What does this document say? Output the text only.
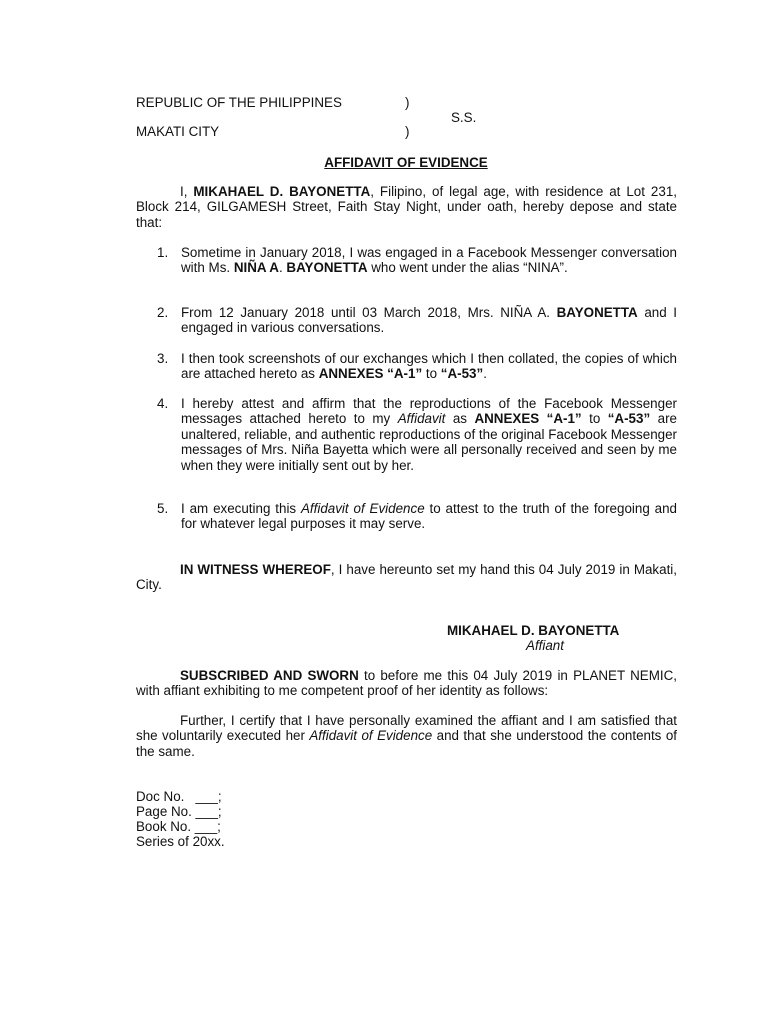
REPUBLIC OF THE PHILIPPINES	)
S.S.
MAKATI CITY	)
AFFIDAVIT OF EVIDENCE
I, MIKAHAEL D. BAYONETTA, Filipino, of legal age, with residence at Lot 231, Block 214, GILGAMESH Street, Faith Stay Night, under oath, hereby depose and state that:
1. Sometime in January 2018, I was engaged in a Facebook Messenger conversation with Ms. NIÑA A. BAYONETTA who went under the alias “NINA”.
2. From 12 January 2018 until 03 March 2018, Mrs. NIÑA A. BAYONETTA and I engaged in various conversations.
3. I then took screenshots of our exchanges which I then collated, the copies of which are attached hereto as ANNEXES “A-1” to “A-53”.
4. I hereby attest and affirm that the reproductions of the Facebook Messenger messages attached hereto to my Affidavit as ANNEXES “A-1” to “A-53” are unaltered, reliable, and authentic reproductions of the original Facebook Messenger messages of Mrs. Niña Bayetta which were all personally received and seen by me when they were initially sent out by her.
5. I am executing this Affidavit of Evidence to attest to the truth of the foregoing and for whatever legal purposes it may serve.
IN WITNESS WHEREOF, I have hereunto set my hand this 04 July 2019 in Makati, City.
MIKAHAEL D. BAYONETTA
Affiant
SUBSCRIBED AND SWORN to before me this 04 July 2019 in PLANET NEMIC, with affiant exhibiting to me competent proof of her identity as follows:
Further, I certify that I have personally examined the affiant and I am satisfied that she voluntarily executed her Affidavit of Evidence and that she understood the contents of the same.
Doc No.   ___;
Page No. ___;
Book No. ___;
Series of 20xx.
